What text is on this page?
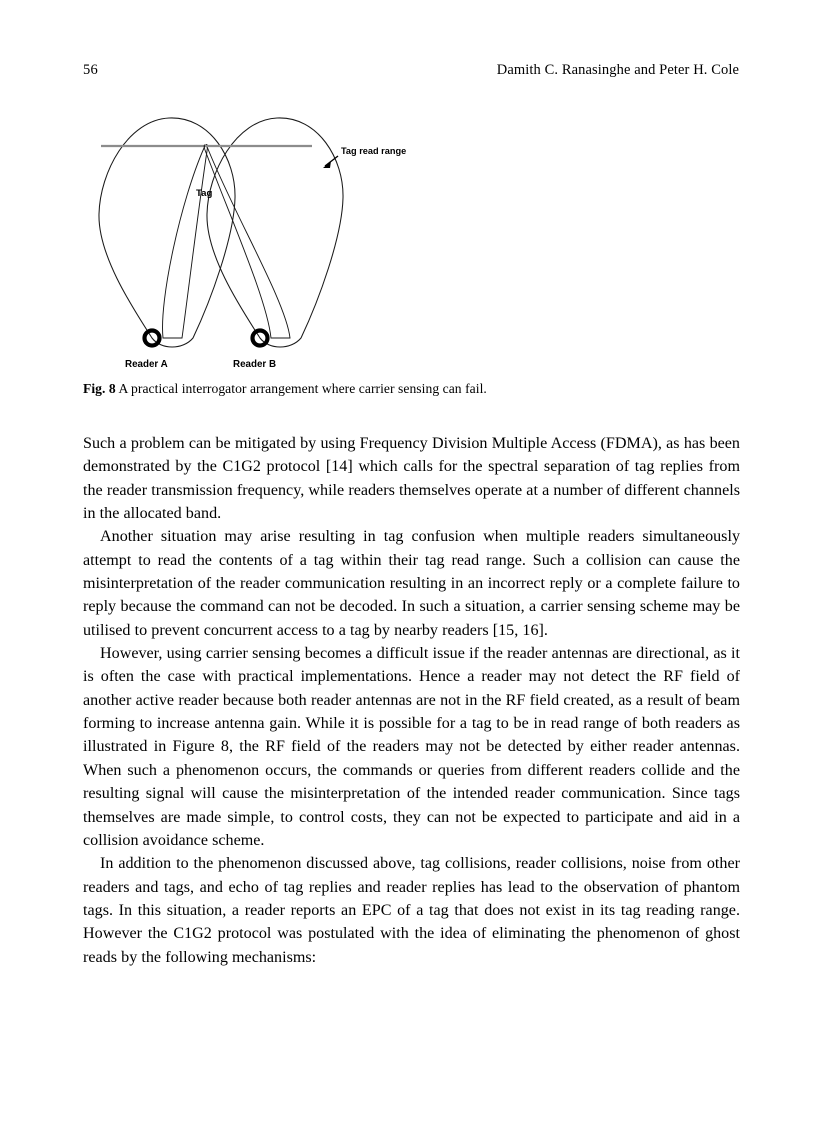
56	Damith C. Ranasinghe and Peter H. Cole
Tag read range
Tag
Reader A	Reader B
Fig. 8 A practical interrogator arrangement where carrier sensing can fail.

Such a problem can be mitigated by using Frequency Division Multiple Access (FDMA), as has been demonstrated by the C1G2 protocol [14] which calls for the spectral separation of tag replies from the reader transmission frequency, while readers themselves operate at a number of different channels in the allocated band.

Another situation may arise resulting in tag confusion when multiple readers simultaneously attempt to read the contents of a tag within their tag read range. Such a collision can cause the misinterpretation of the reader communication resulting in an incorrect reply or a complete failure to reply because the command can not be decoded. In such a situation, a carrier sensing scheme may be utilised to prevent concurrent access to a tag by nearby readers [15, 16].

However, using carrier sensing becomes a difficult issue if the reader antennas are directional, as it is often the case with practical implementations. Hence a reader may not detect the RF field of another active reader because both reader antennas are not in the RF field created, as a result of beam forming to increase antenna gain. While it is possible for a tag to be in read range of both readers as illustrated in Figure 8, the RF field of the readers may not be detected by either reader antennas. When such a phenomenon occurs, the commands or queries from different readers collide and the resulting signal will cause the misinterpretation of the intended reader communication. Since tags themselves are made simple, to control costs, they can not be expected to participate and aid in a collision avoidance scheme.

In addition to the phenomenon discussed above, tag collisions, reader collisions, noise from other readers and tags, and echo of tag replies and reader replies has lead to the observation of phantom tags. In this situation, a reader reports an EPC of a tag that does not exist in its tag reading range. However the C1G2 protocol was postulated with the idea of eliminating the phenomenon of ghost reads by the following mechanisms:
